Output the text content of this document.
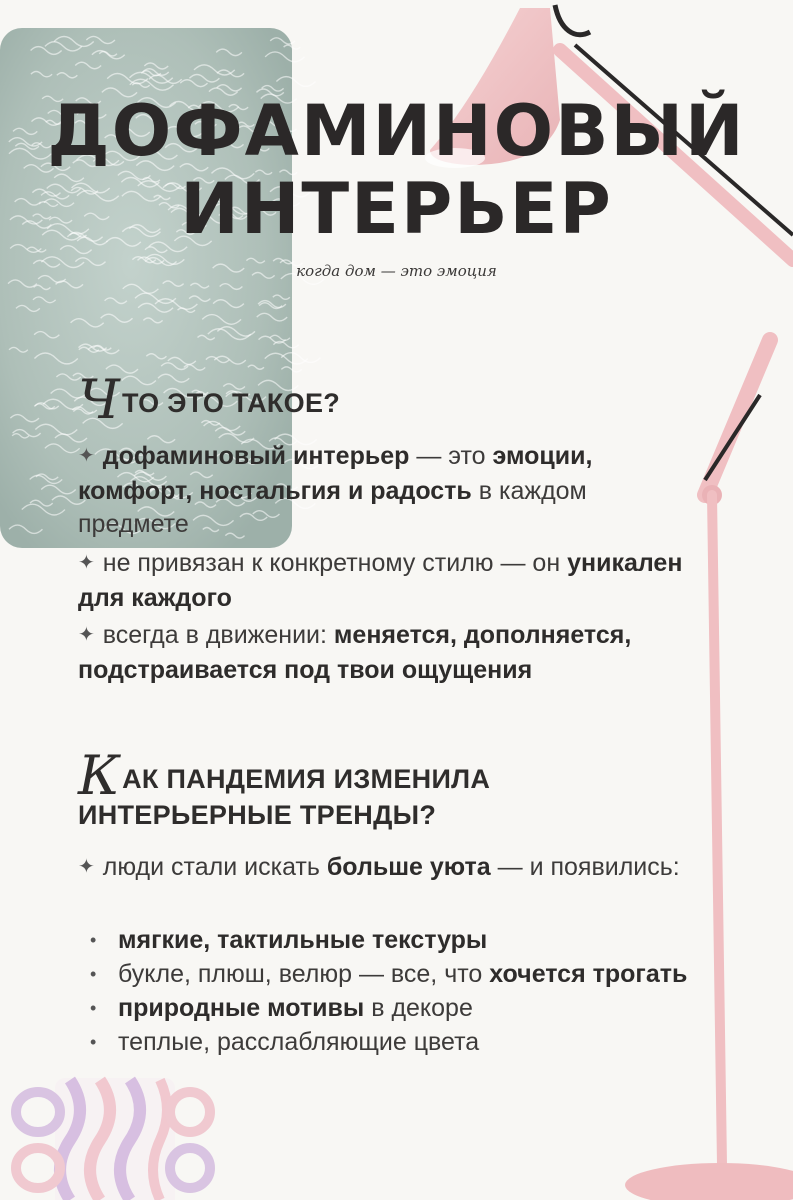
ДОФАМИНОВЫЙ
ИНТЕРЬЕР
когда дом — это эмоция
ЧТО ЭТО ТАКОЕ?
✦ дофаминовый интерьер — это эмоции, комфорт, ностальгия и радость в каждом предмете
✦ не привязан к конкретному стилю — он уникален для каждого
✦ всегда в движении: меняется, дополняется, подстраивается под твои ощущения
КАК ПАНДЕМИЯ ИЗМЕНИЛА
ИНТЕРЬЕРНЫЕ ТРЕНДЫ?
✦ люди стали искать больше уюта — и появились:
• мягкие, тактильные текстуры
• букле, плюш, велюр — все, что хочется трогать
• природные мотивы в декоре
• теплые, расслабляющие цвета
